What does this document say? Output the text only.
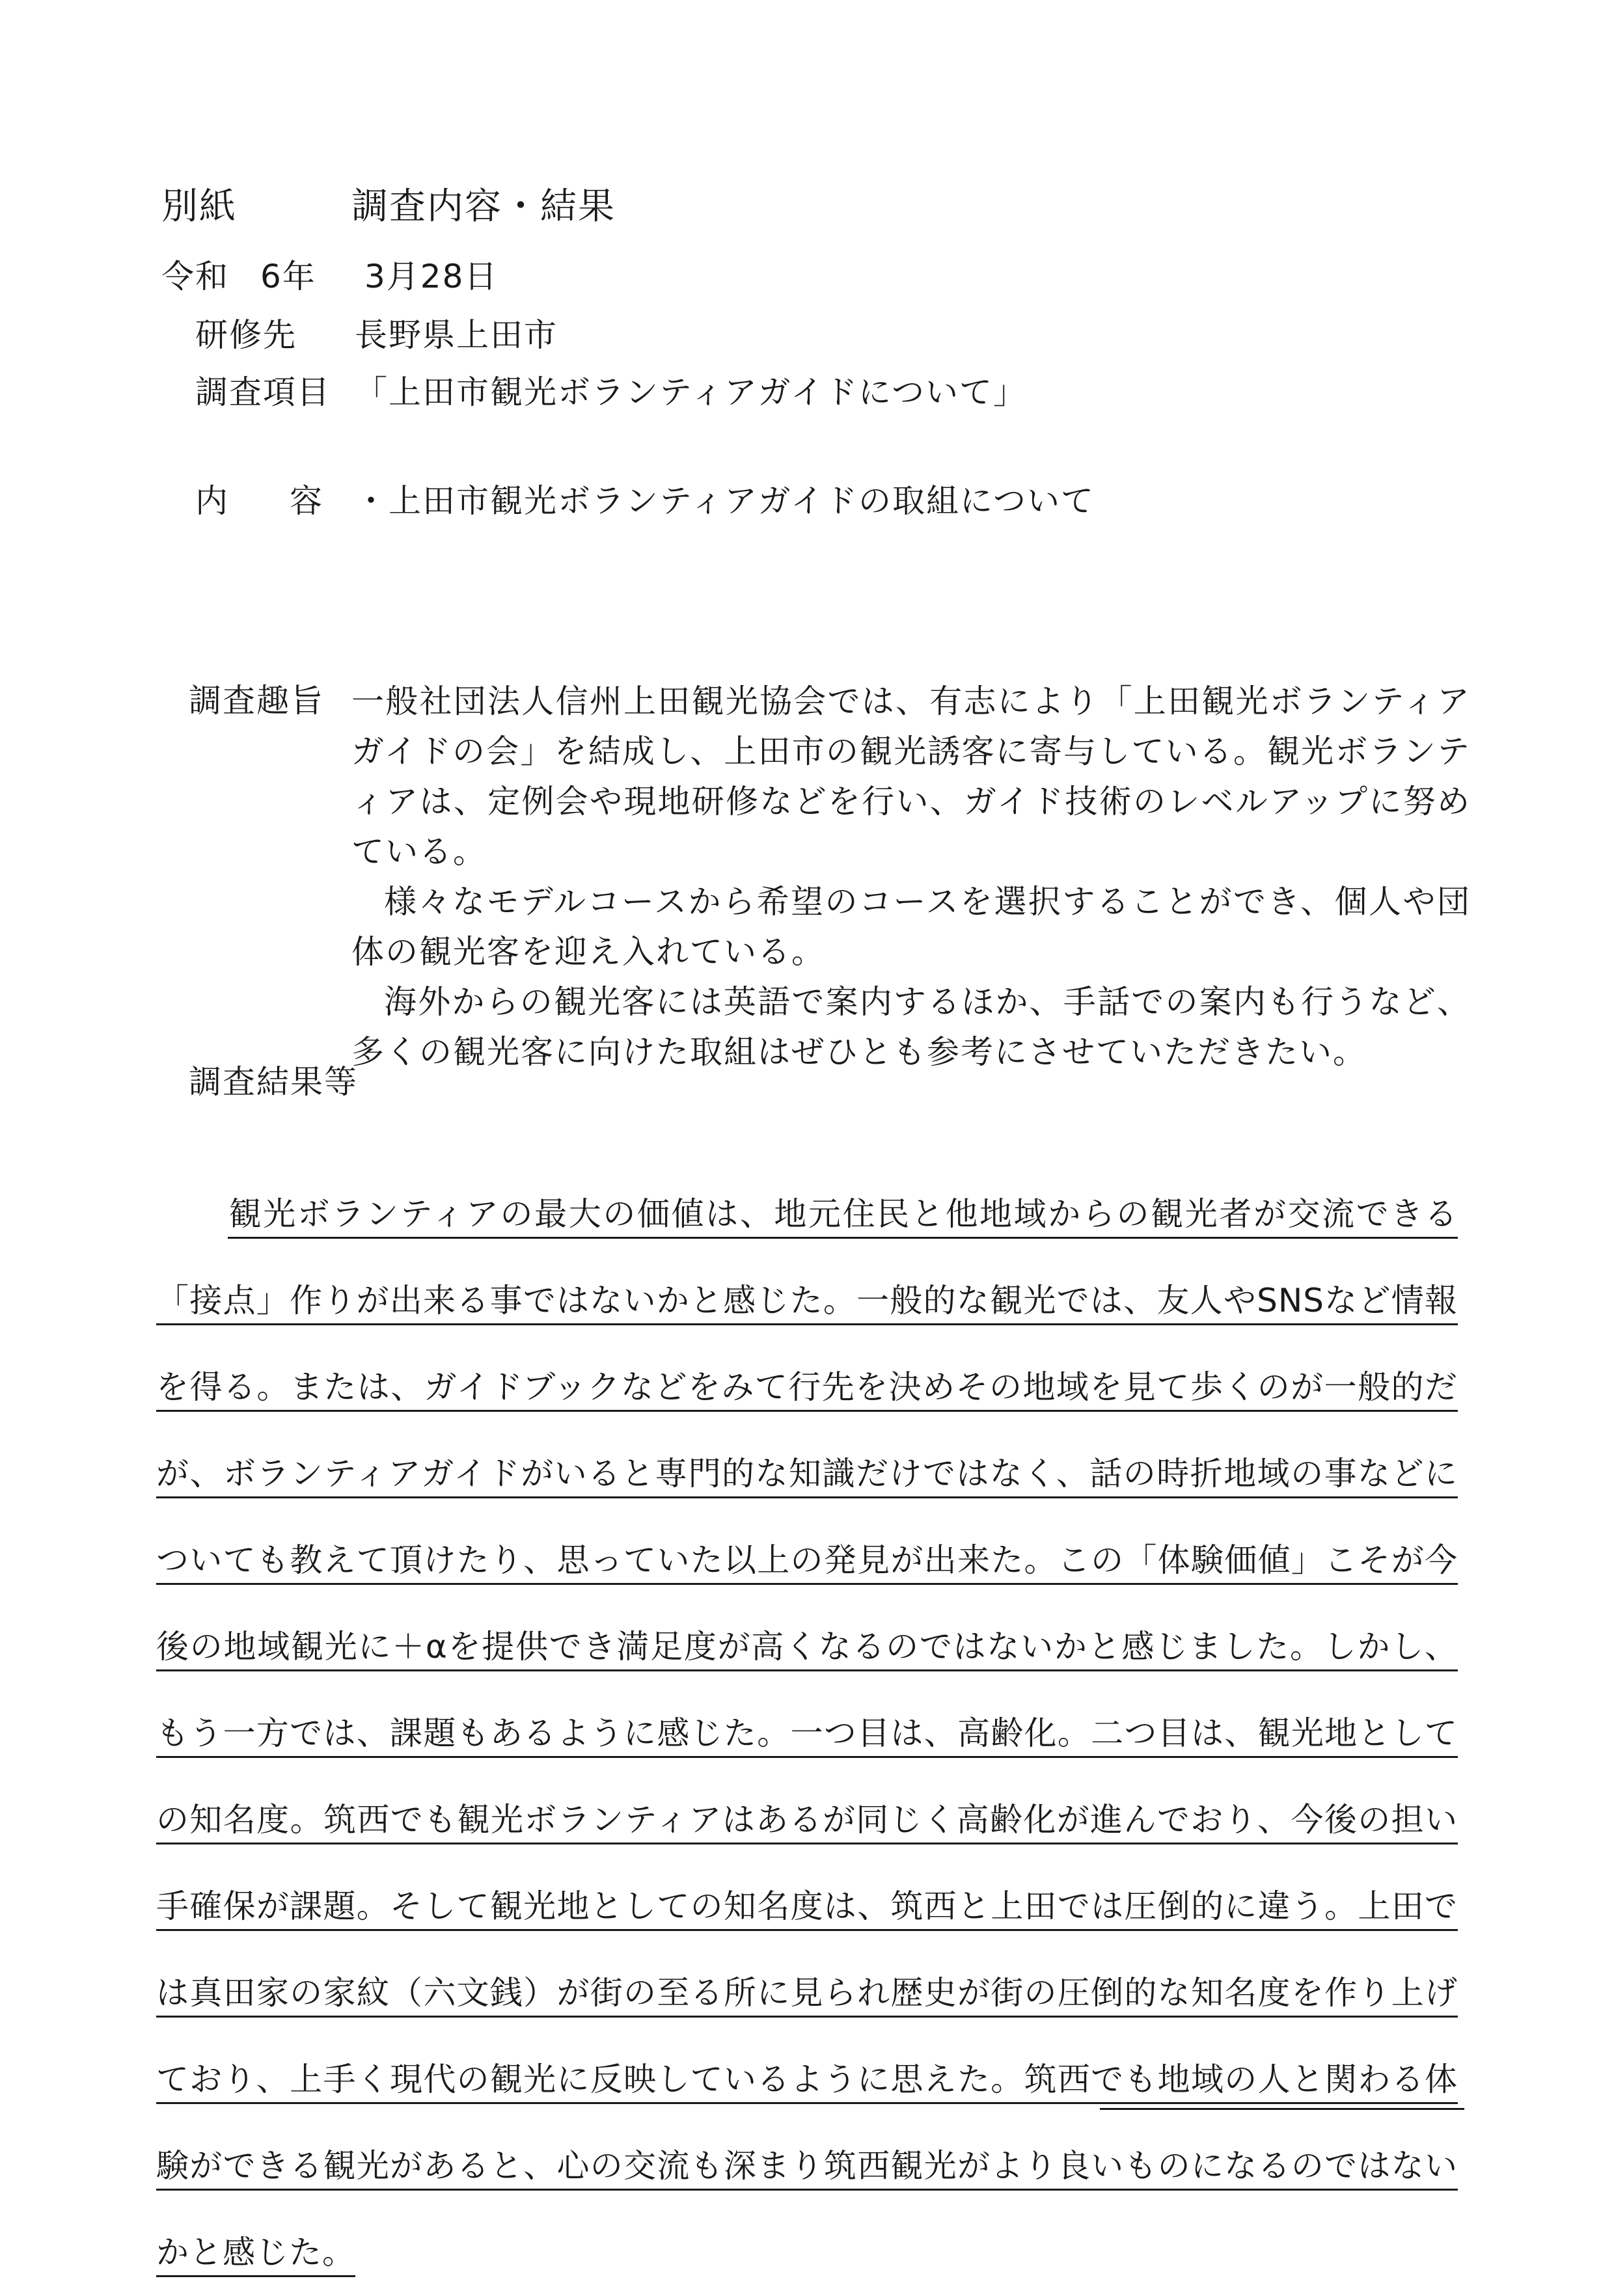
別紙	調査内容・結果
令和 6年 3月28日
研修先 長野県上田市
調査項目 「上田市観光ボランティアガイドについて」
内 容 ・上田市観光ボランティアガイドの取組について
調査趣旨 一般社団法人信州上田観光協会では、有志により「上田観光ボランティアガイドの会」を結成し、上田市の観光誘客に寄与している。観光ボランティアは、定例会や現地研修などを行い、ガイド技術のレベルアップに努めている。
様々なモデルコースから希望のコースを選択することができ、個人や団体の観光客を迎え入れている。
海外からの観光客には英語で案内するほか、手話での案内も行うなど、多くの観光客に向けた取組はぜひとも参考にさせていただきたい。
調査結果等
観光ボランティアの最大の価値は、地元住民と他地域からの観光者が交流できる「接点」作りが出来る事ではないかと感じた。一般的な観光では、友人やSNSなど情報を得る。または、ガイドブックなどをみて行先を決めその地域を見て歩くのが一般的だが、ボランティアガイドがいると専門的な知識だけではなく、話の時折地域の事などについても教えて頂けたり、思っていた以上の発見が出来た。この「体験価値」こそが今後の地域観光に＋αを提供でき満足度が高くなるのではないかと感じました。しかし、もう一方では、課題もあるように感じた。一つ目は、高齢化。二つ目は、観光地としての知名度。筑西でも観光ボランティアはあるが同じく高齢化が進んでおり、今後の担い手確保が課題。そして観光地としての知名度は、筑西と上田では圧倒的に違う。上田では真田家の家紋（六文銭）が街の至る所に見られ歴史が街の圧倒的な知名度を作り上げており、上手く現代の観光に反映しているように思えた。筑西でも地域の人と関わる体験ができる観光があると、心の交流も深まり筑西観光がより良いものになるのではないかと感じた。
